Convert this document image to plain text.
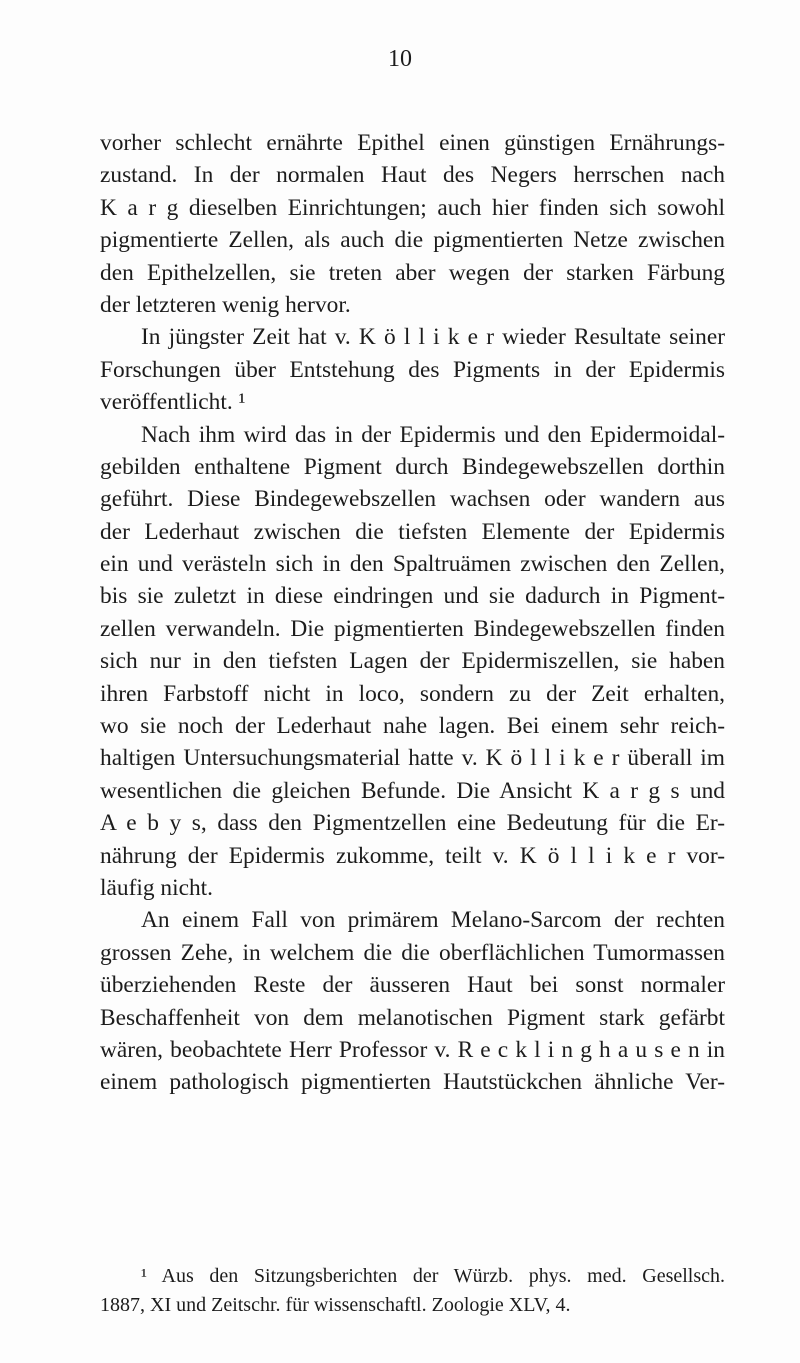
10
vorher schlecht ernährte Epithel einen günstigen Ernährungs-
zustand. In der normalen Haut des Negers herrschen nach
K a r g dieselben Einrichtungen; auch hier finden sich sowohl
pigmentierte Zellen, als auch die pigmentierten Netze zwischen
den Epithelzellen, sie treten aber wegen der starken Färbung
der letzteren wenig hervor.
In jüngster Zeit hat v. K ö l l i k e r wieder Resultate seiner
Forschungen über Entstehung des Pigments in der Epidermis
veröffentlicht. ¹
Nach ihm wird das in der Epidermis und den Epidermoidal-
gebilden enthaltene Pigment durch Bindegewebszellen dorthin
geführt. Diese Bindegewebszellen wachsen oder wandern aus
der Lederhaut zwischen die tiefsten Elemente der Epidermis
ein und verästeln sich in den Spaltruämen zwischen den Zellen,
bis sie zuletzt in diese eindringen und sie dadurch in Pigment-
zellen verwandeln. Die pigmentierten Bindegewebszellen finden
sich nur in den tiefsten Lagen der Epidermiszellen, sie haben
ihren Farbstoff nicht in loco, sondern zu der Zeit erhalten,
wo sie noch der Lederhaut nahe lagen. Bei einem sehr reich-
haltigen Untersuchungsmaterial hatte v. K ö l l i k e r überall im
wesentlichen die gleichen Befunde. Die Ansicht K a r g s und
A e b y s, dass den Pigmentzellen eine Bedeutung für die Er-
nährung der Epidermis zukomme, teilt v. K ö l l i k e r vor-
läufig nicht.
An einem Fall von primärem Melano-Sarcom der rechten
grossen Zehe, in welchem die die oberflächlichen Tumormassen
überziehenden Reste der äusseren Haut bei sonst normaler
Beschaffenheit von dem melanotischen Pigment stark gefärbt
wären, beobachtete Herr Professor v. R e c k l i n g h a u s e n in
einem pathologisch pigmentierten Hautstückchen ähnliche Ver-
¹ Aus den Sitzungsberichten der Würzb. phys. med. Gesellsch.
1887, XI und Zeitschr. für wissenschaftl. Zoologie XLV, 4.
